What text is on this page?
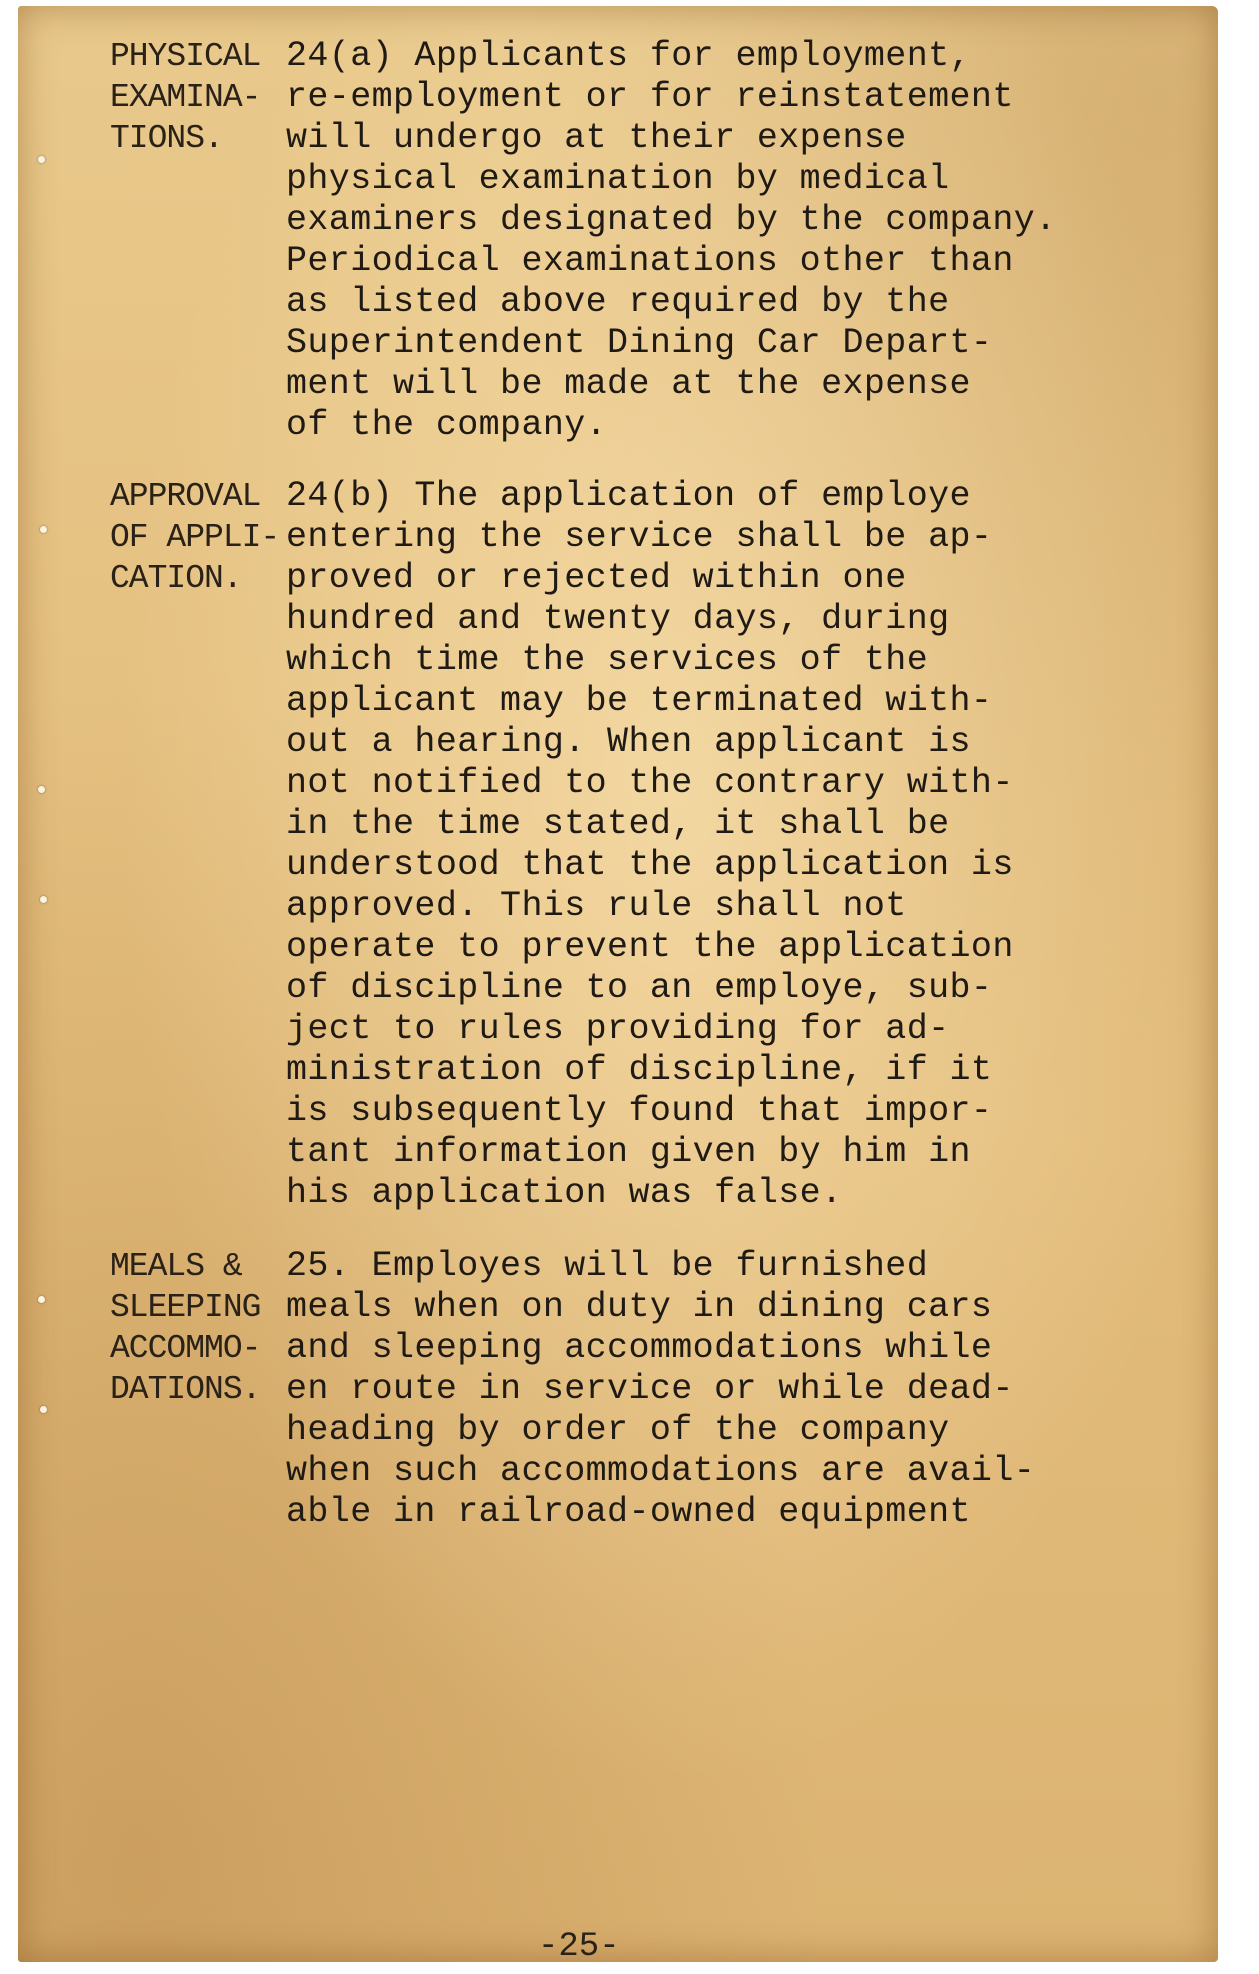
PHYSICAL
EXAMINA-
TIONS.
24(a) Applicants for employment,
re-employment or for reinstatement
will undergo at their expense
physical examination by medical
examiners designated by the company.
Periodical examinations other than
as listed above required by the
Superintendent Dining Car Depart-
ment will be made at the expense
of the company.
APPROVAL
OF APPLI-
CATION.
24(b) The application of employe
entering the service shall be ap-
proved or rejected within one
hundred and twenty days, during
which time the services of the
applicant may be terminated with-
out a hearing. When applicant is
not notified to the contrary with-
in the time stated, it shall be
understood that the application is
approved. This rule shall not
operate to prevent the application
of discipline to an employe, sub-
ject to rules providing for ad-
ministration of discipline, if it
is subsequently found that impor-
tant information given by him in
his application was false.
MEALS &
SLEEPING
ACCOMMO-
DATIONS.
25. Employes will be furnished
meals when on duty in dining cars
and sleeping accommodations while
en route in service or while dead-
heading by order of the company
when such accommodations are avail-
able in railroad-owned equipment
-25-
